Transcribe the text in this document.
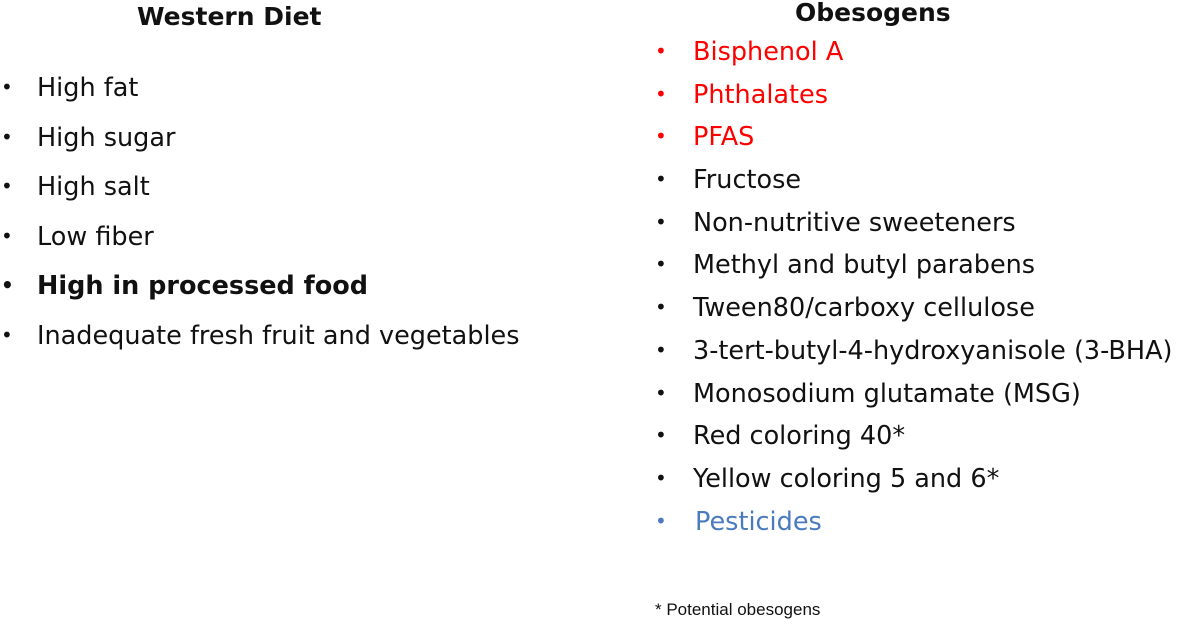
Western Diet
• High fat
• High sugar
• High salt
• Low fiber
• High in processed food
• Inadequate fresh fruit and vegetables
Obesogens
• Bisphenol A
• Phthalates
• PFAS
• Fructose
• Non-nutritive sweeteners
• Methyl and butyl parabens
• Tween80/carboxy cellulose
• 3-tert-butyl-4-hydroxyanisole (3-BHA)
• Monosodium glutamate (MSG)
• Red coloring 40*
• Yellow coloring 5 and 6*
• Pesticides
* Potential obesogens
